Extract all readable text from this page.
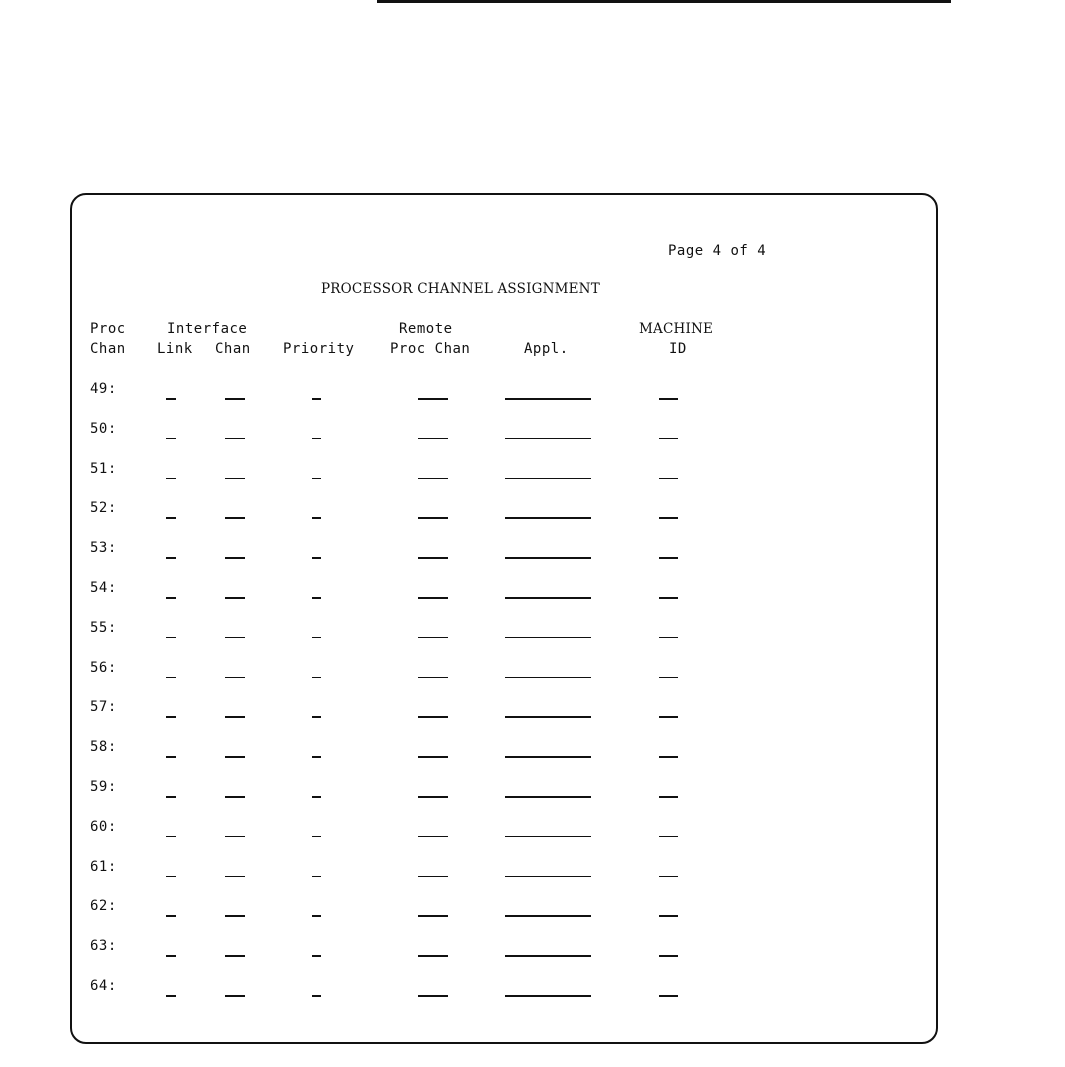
Page 4 of 4
PROCESSOR CHANNEL ASSIGNMENT
Proc
Chan
Interface
Link Chan Priority
Remote
Proc Chan	Appl.
MACHINE
ID
49:
50:
51:
52:
53:
54:
55:
56:
57:
58:
59:
60:
61:
62:
63:
64:
